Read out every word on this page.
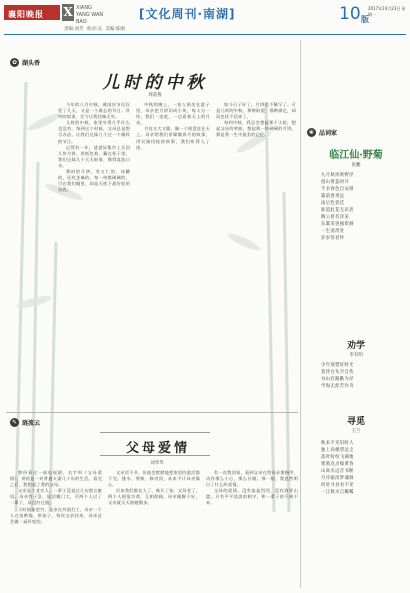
襄阳晚报 X XIANG YANG WAN BAO
[文化周刊·南湖]	10 版
2017年10月23日 星期一
责编:刘芳 校对:吴 美编:陈刚
✿ 湖头香
儿时的中秋
周前鲁

今年的八月中秋，离国庆节仅仅差了几天，又是一个难忘的节日。其中的故事，至今让我回味无穷。

儿时的中秋，家里穷得几乎什么也没有。每到这个时候，父母总是想尽办法，让我们兄妹几个过一个像样的节日。

记得有一年，爸爸从集市上买回几块月饼，用纸包着，藏在柜子里。我们兄妹几个天天盼着，馋得直流口水。

那时的月饼，有五仁的、冰糖的，还有芝麻的。每一块都硬硬的，可在我们眼里，却是天底下最好吃的东西。

中秋的晚上，一家人围坐在院子里，母亲把月饼切成小块，每人分一块。我们一边吃，一边看着天上的月亮。

月亮又大又圆，像一个银盘挂在天上。母亲给我们讲嫦娥奔月的故事，讲吴刚伐桂的故事，我们听得入了迷。

如今日子好了，月饼也不稀罕了。可是儿时的中秋，那种盼望，那种满足，却再也找不回来了。

每到中秋，我总会想起那个小院，想起父母的笑脸，想起那一块硬硬的月饼。那是我一生中最美的记忆。

✎ 琏流云
父母爱情
刘华华

曾经看过一部电视剧，名字叫《父母爱情》，讲的是一对普通夫妻几十年的生活。看完之后，我想起了我的父母。

父亲是个老实人，一辈子没说过几句甜言蜜语。母亲性子急，说话嗓门大，可两个人过了一辈子，从没红过脸。

小时候家里穷，父亲在外面打工，母亲一个人在家种地、带孩子。每次父亲回来，母亲总会做一桌好吃的。

父亲话不多，但他会默默地把家里的重活都干完。挑水、劈柴、修房顶，从来不让母亲操心。

后来我们都长大了，离开了家。父母老了，两个人相依为命，互相照顾。母亲腿脚不好，父亲就天天陪她散步。

有一次我回家，看到父亲在给母亲剪指甲，动作那么小心，那么仔细。那一刻，我忽然明白了什么叫爱情。

父母的爱情，没有轰轰烈烈，没有海誓山盟，只有平平淡淡的相守，和一辈子的不离不弃。

❀ 品词家
临江仙·野菊
张鹏
九月秋风吹野径
漫山黄蕊初开
不争春色自安排
霜前香更远
雨后色犹佳
谁道此花无识者
陶公曾有诗来
东篱采罢独徘徊
一生清淡处
岁岁待君怀
劝学
李有明
少年须惜好时光
莫待白头空自伤
书山有路勤为径
学海无涯苦作舟
寻觅
王兰
秋来不见旧时人
独上高楼望远尘
落叶纷纷飞满地
寒鸦点点噪黄昏
山高水远音书断
月冷霜清梦魂频
何处寻君君不见
一江秋水自粼粼
